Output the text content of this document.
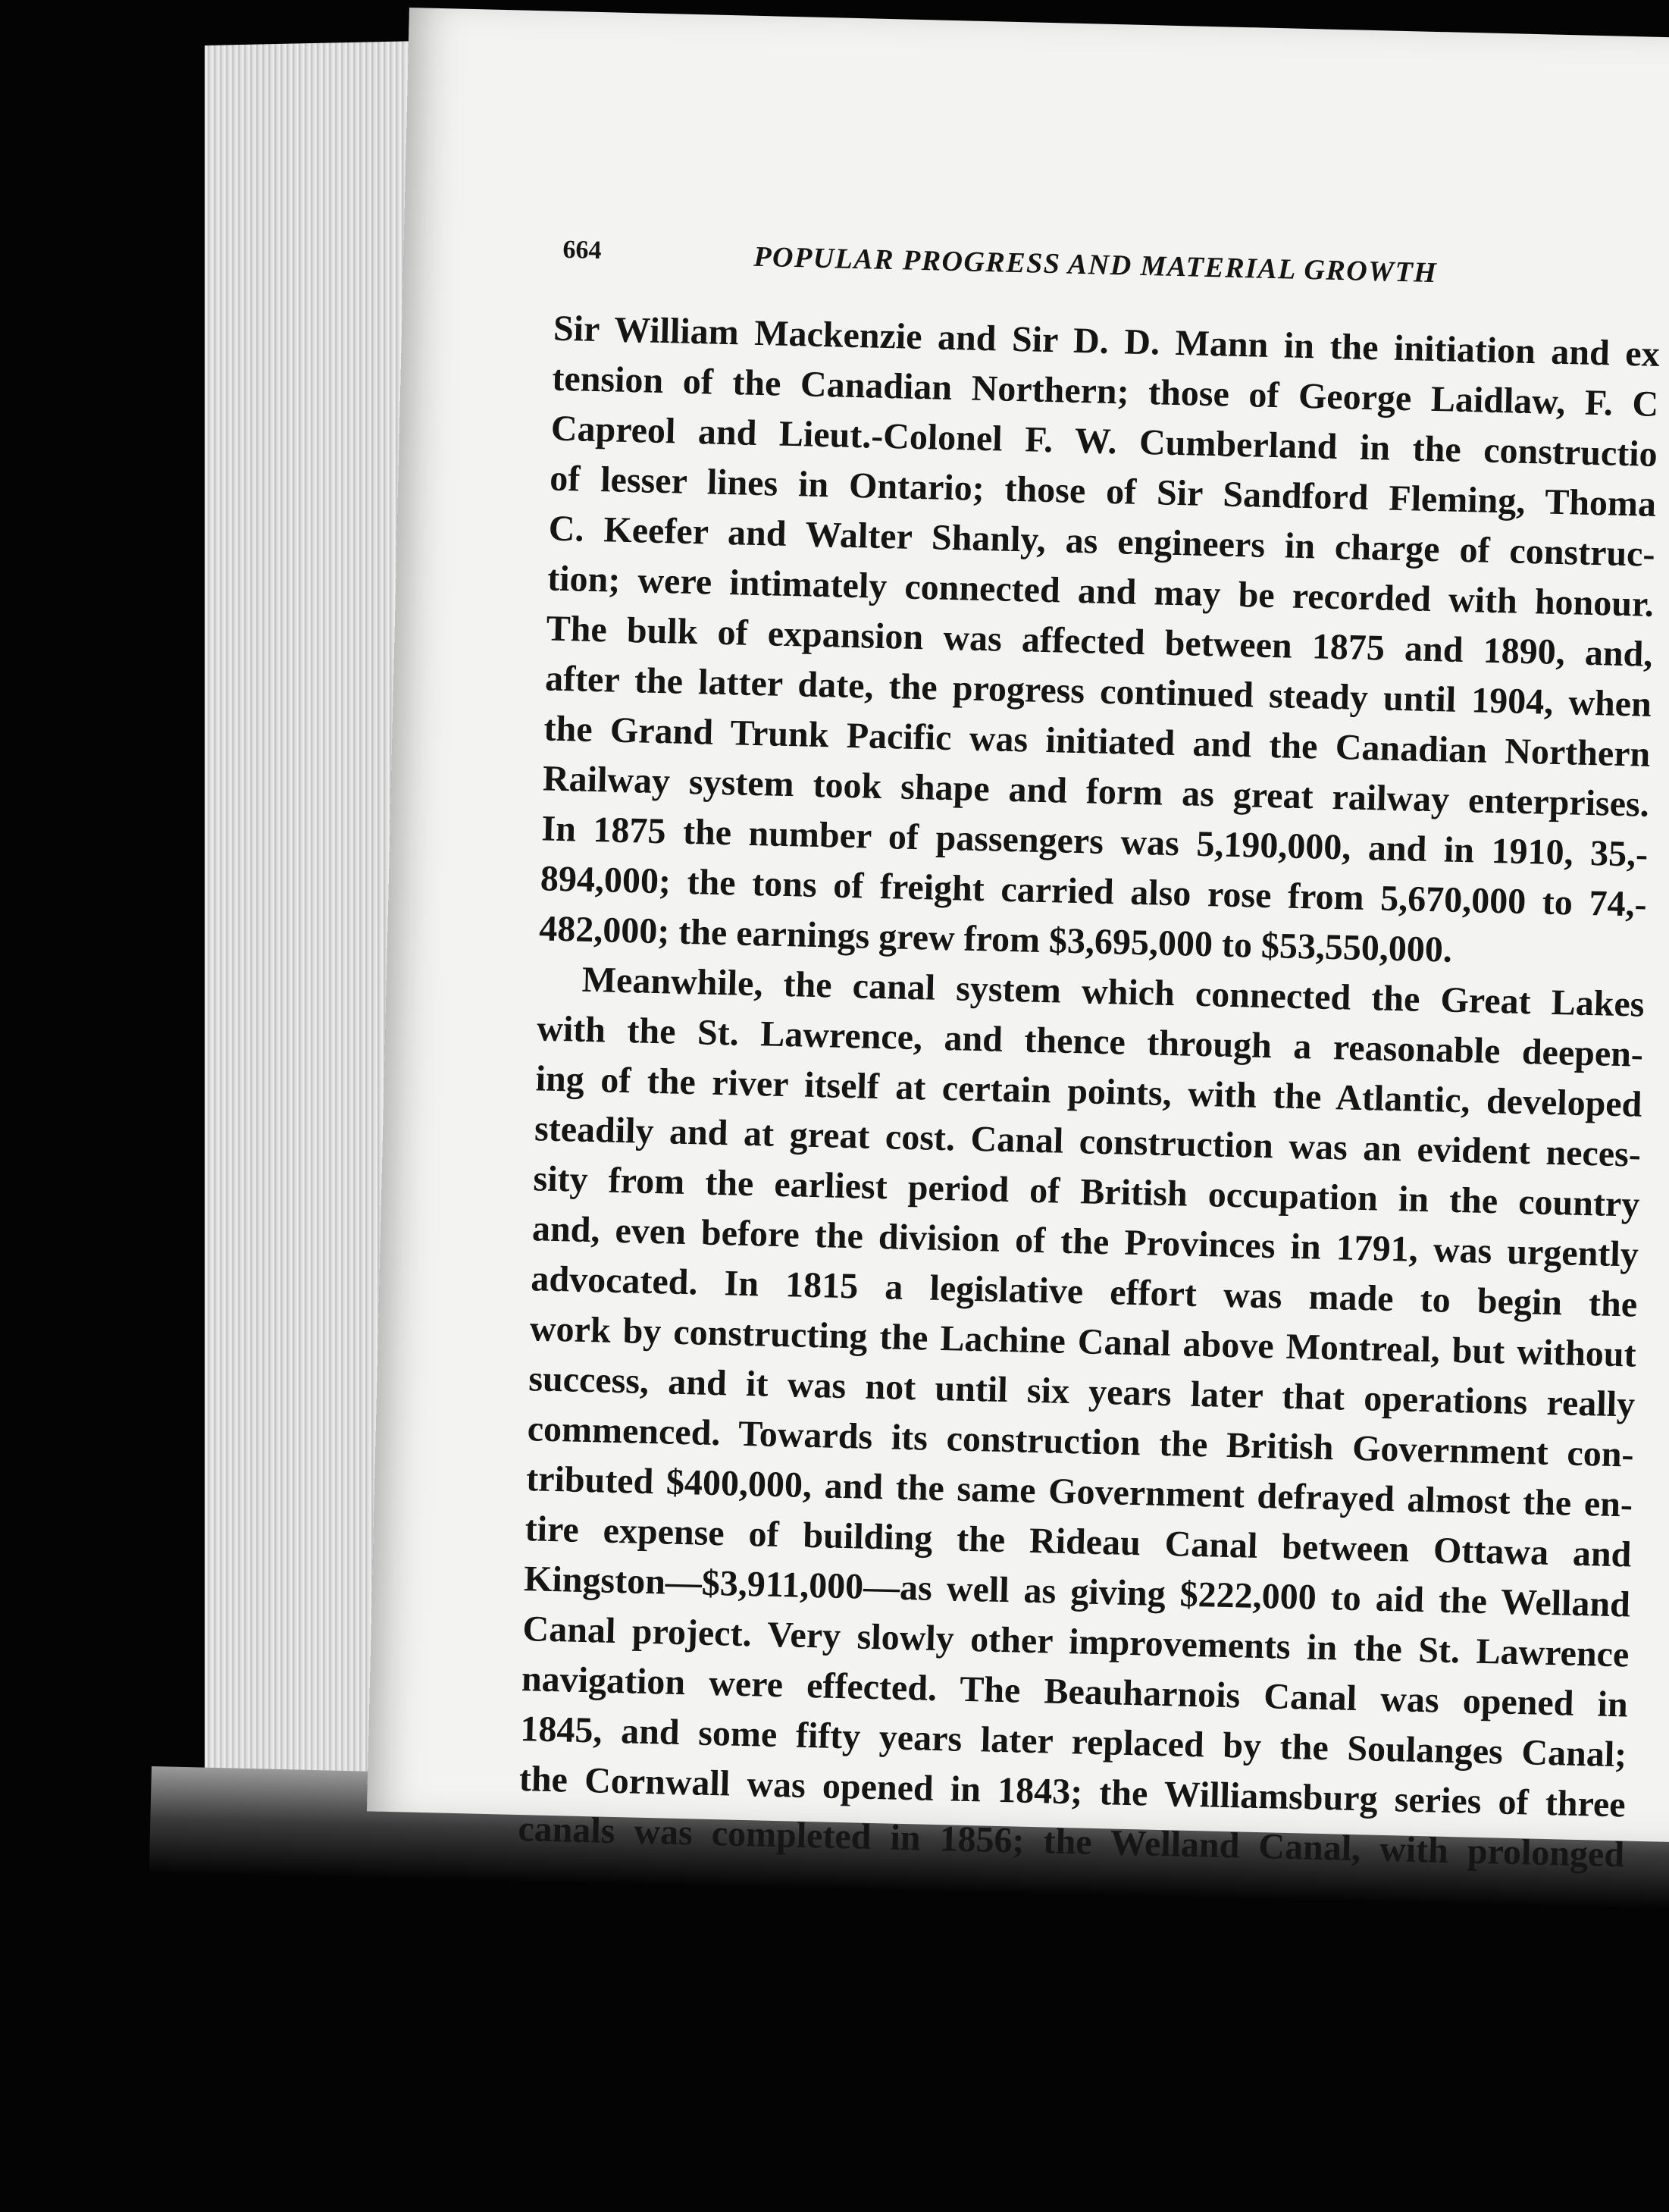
664	POPULAR PROGRESS AND MATERIAL GROWTH
Sir William Mackenzie and Sir D. D. Mann in the initiation and ex
tension of the Canadian Northern; those of George Laidlaw, F. C
Capreol and Lieut.-Colonel F. W. Cumberland in the constructio
of lesser lines in Ontario; those of Sir Sandford Fleming, Thoma
C. Keefer and Walter Shanly, as engineers in charge of construc-
tion; were intimately connected and may be recorded with honour.
The bulk of expansion was affected between 1875 and 1890, and,
after the latter date, the progress continued steady until 1904, when
the Grand Trunk Pacific was initiated and the Canadian Northern
Railway system took shape and form as great railway enterprises.
In 1875 the number of passengers was 5,190,000, and in 1910, 35,-
894,000; the tons of freight carried also rose from 5,670,000 to 74,-
482,000; the earnings grew from $3,695,000 to $53,550,000.
Meanwhile, the canal system which connected the Great Lakes
with the St. Lawrence, and thence through a reasonable deepen-
ing of the river itself at certain points, with the Atlantic, developed
steadily and at great cost. Canal construction was an evident neces-
sity from the earliest period of British occupation in the country
and, even before the division of the Provinces in 1791, was urgently
advocated. In 1815 a legislative effort was made to begin the
work by constructing the Lachine Canal above Montreal, but without
success, and it was not until six years later that operations really
commenced. Towards its construction the British Government con-
tributed $400,000, and the same Government defrayed almost the en-
tire expense of building the Rideau Canal between Ottawa and
Kingston—$3,911,000—as well as giving $222,000 to aid the Welland
Canal project. Very slowly other improvements in the St. Lawrence
navigation were effected. The Beauharnois Canal was opened in
1845, and some fifty years later replaced by the Soulanges Canal;
the Cornwall was opened in 1843; the Williamsburg series of three
canals was completed in 1856; the Welland Canal, with prolonged
